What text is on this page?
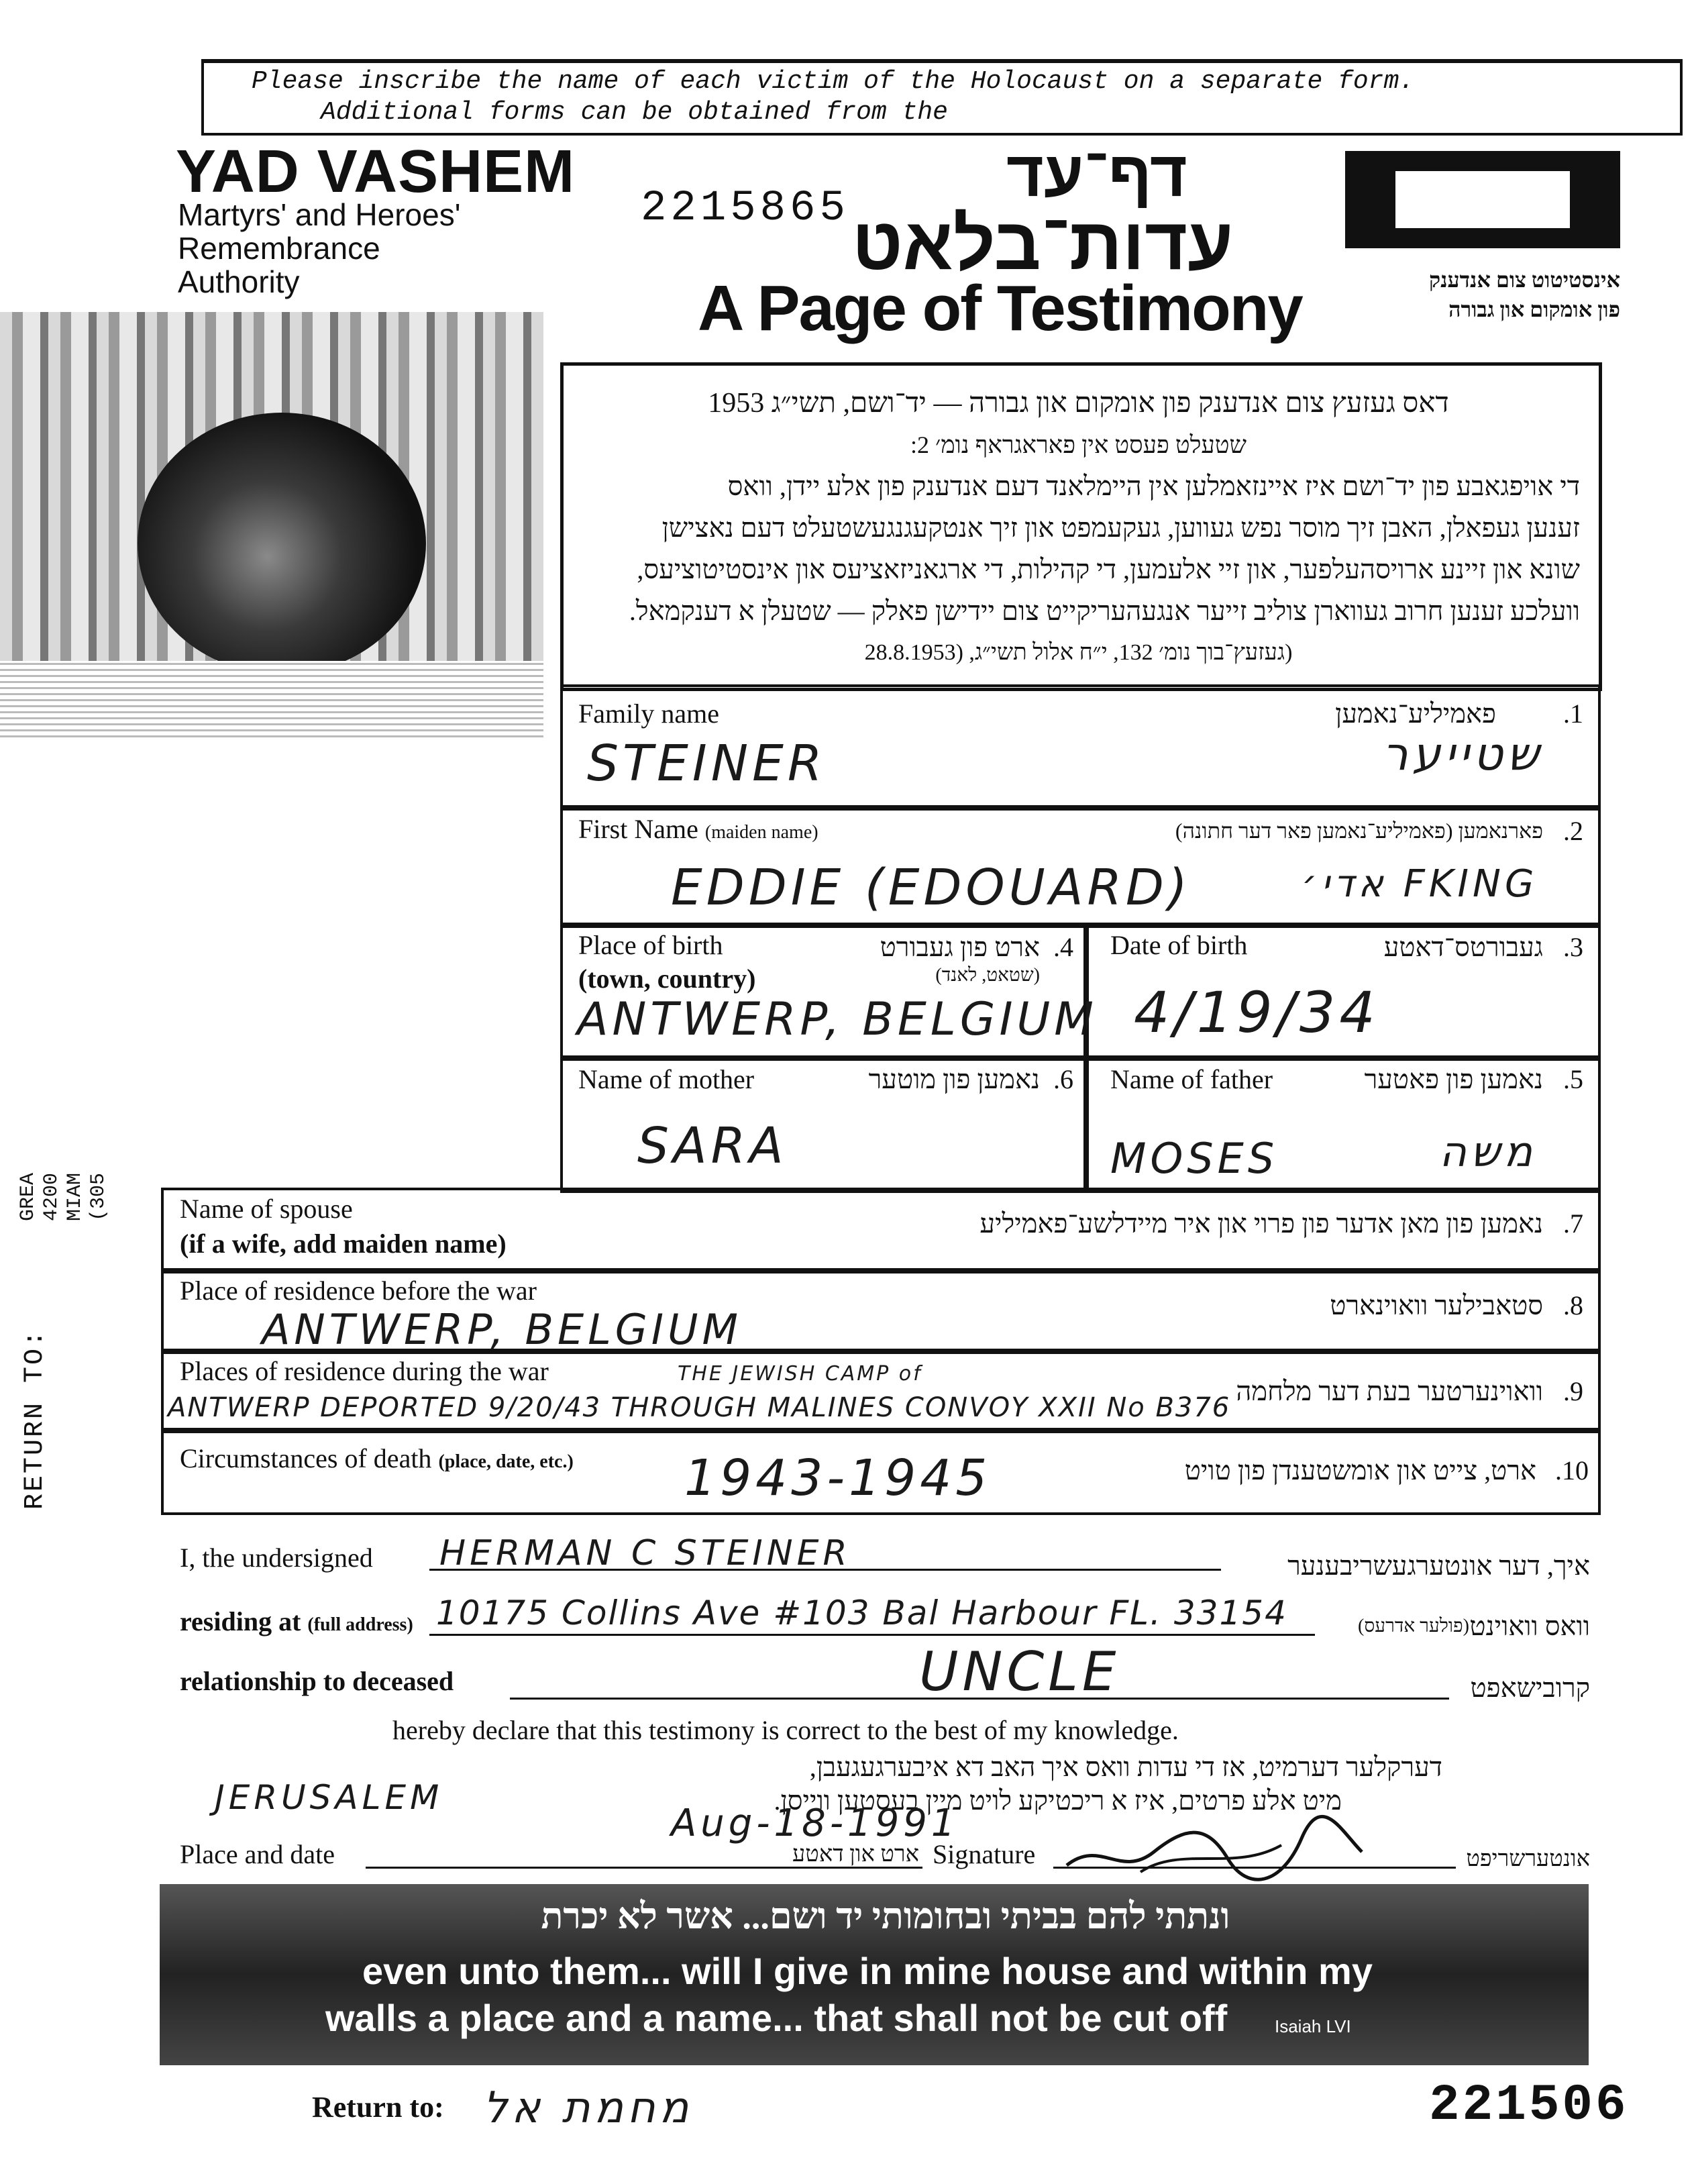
Please inscribe the name of each victim of the Holocaust on a separate form.
Additional forms can be obtained from the
YAD VASHEM
Martyrs' and Heroes'
Remembrance
Authority
2215865 דף־עד
עדות־בלאט
A Page of Testimony	אינסטיטוט צום אנדענק
פון אומקום און גבורה
דאס געזעץ צום אנדענק פון אומקום און גבורה — יד־ושם, תשי״ג 1953
שטעלט פעסט אין פאראגראף נומ׳ 2:
די אויפגאבע פון יד־ושם איז איינזאמלען אין היימלאנד דעם אנדענק פון אלע יידן, וואס
זענען געפאלן, האבן זיך מוסר נפש געווען, געקעמפט און זיך אנטקעגנגעשטעלט דעם נאצישן
שונא און זיינע ארויסהעלפער, און זיי אלעמען, די קהילות, די ארגאניזאציעס און אינסטיטוציעס,
וועלכע זענען חרוב געווארן צוליב זייער אנגעהעריקייט צום יידישן פאלק — שטעלן א דענקמאל.
(געזעץ־בוך נומ׳ 132, י״ח אלול תשי״ג, (28.8.1953
Family name	פאמיליע־נאמען	.1
STEINER	שטייער
First Name (maiden name)	פארנאמען (פאמיליע־נאמען פאר דער חתונה) .2
EDDIE (EDOUARD)	אדי׳ FKING
Place of birth
(town, country)
ארט פון געבורט
(שטאט, לאנד)
.4
ANTWERP, BELGIUM
Date of birth	געבורטס־דאטע .3
4/19/34
Name of mother	נאמען פון מוטער .6
SARA
Name of father	נאמען פון פאטער .5
MOSES	משה
Name of spouse
(if a wife, add maiden name)
נאמען פון מאן אדער פון פרוי און איר מיידלשע־פאמיליע .7
Place of residence before the war	סטאבילער וואוינארט .8
ANTWERP, BELGIUM
Places of residence during the war
וואוינערטער בעת דער מלחמה .9
THE JEWISH CAMP of
ANTWERP DEPORTED 9/20/43 THROUGH MALINES CONVOY XXII No B376
Circumstances of death (place, date, etc.)	ארט, צייט און אומשטענדן פון טויט .10
1943-1945
I, the undersigned HERMAN C STEINER	איך, דער אונטערגעשריבענער
residing at (full address) 10175 Collins Ave #103 Bal Harbour FL. 33154	(פולער אדרעס) וואס וואוינט
relationship to deceased	UNCLE	קרובישאפט
hereby declare that this testimony is correct to the best of my knowledge.
דערקלער דערמיט, אז די עדות וואס איך האב דא איבערגעגעבן,
מיט אלע פרטים, איז א ריכטיקע לויט מיין בעסטען ווייסן.
JERUSALEM
Aug-18-1991
Place and date	ארט און דאטע Signature	אונטערשריפט
ונתתי להם בביתי ובחומותי יד ושם... אשר לא יכרת
even unto them... will I give in mine house and within my
walls a place and a name... that shall not be cut off	Isaiah LVI
RETURN TO:
GREA 4200 MIAM (305
Return to: מחמת אל	221506
